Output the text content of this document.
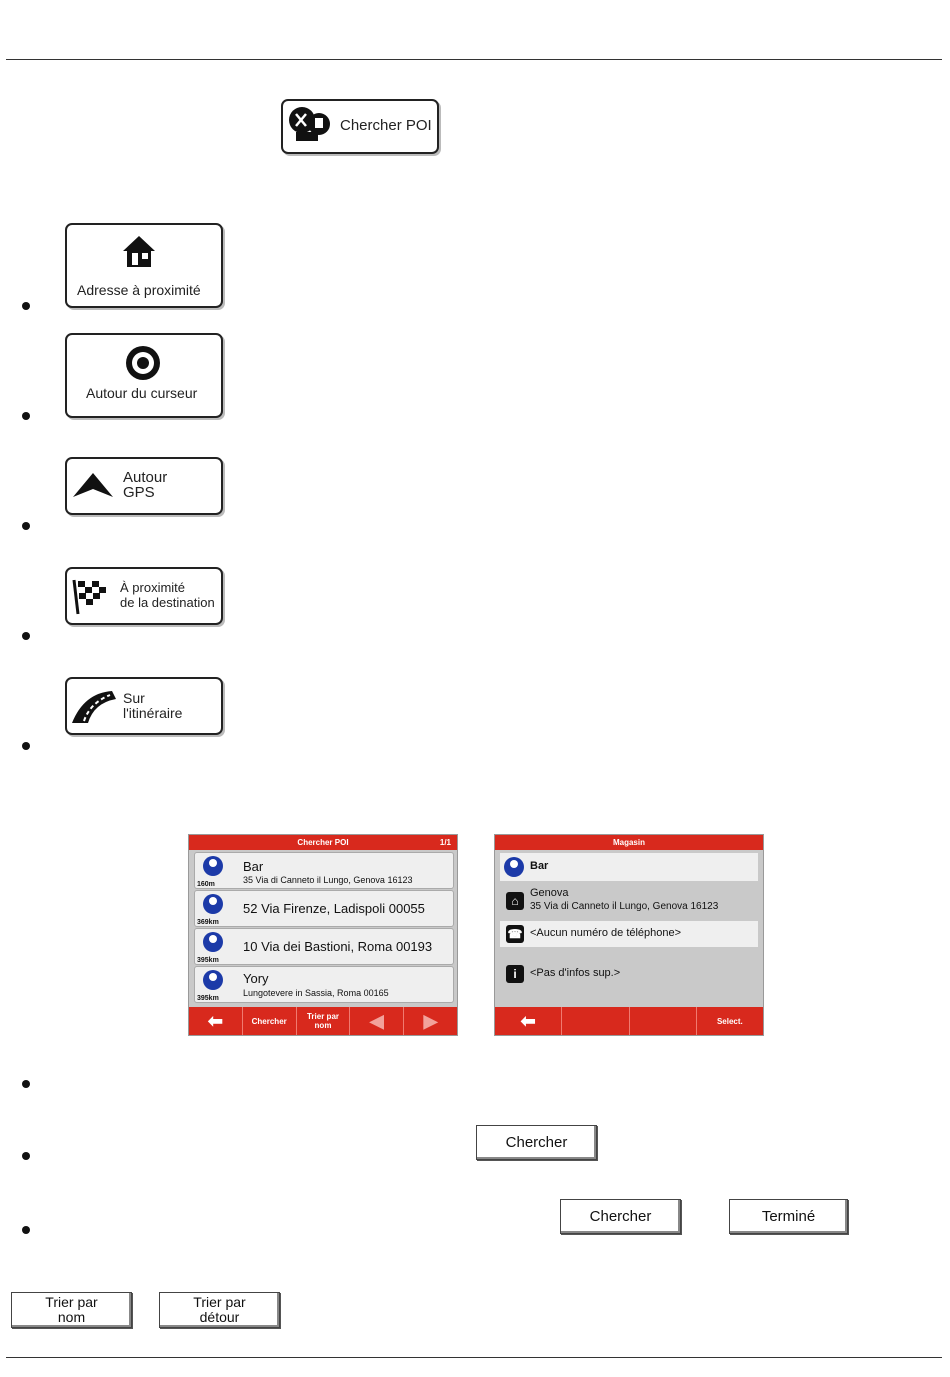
Chercher POI
Adresse à proximité
Autour du curseur
Autour
GPS
À proximité
de la destination
Sur
l'itinéraire
Chercher POI	1/1
160m
Bar
35 Via di Canneto il Lungo, Genova 16123
369km
52 Via Firenze, Ladispoli 00055
395km
10 Via dei Bastioni, Roma 00193
395km
Yory
Lungotevere in Sassia, Roma 00165
⬅	Chercher	Trier par
nom	◀	▶
Magasin
Bar
⌂
Genova
35 Via di Canneto il Lungo, Genova 16123
☎ <Aucun numéro de téléphone>
i	<Pas d'infos sup.>
⬅	Select.
Chercher
Chercher	Terminé
Trier par
nom
Trier par
détour
